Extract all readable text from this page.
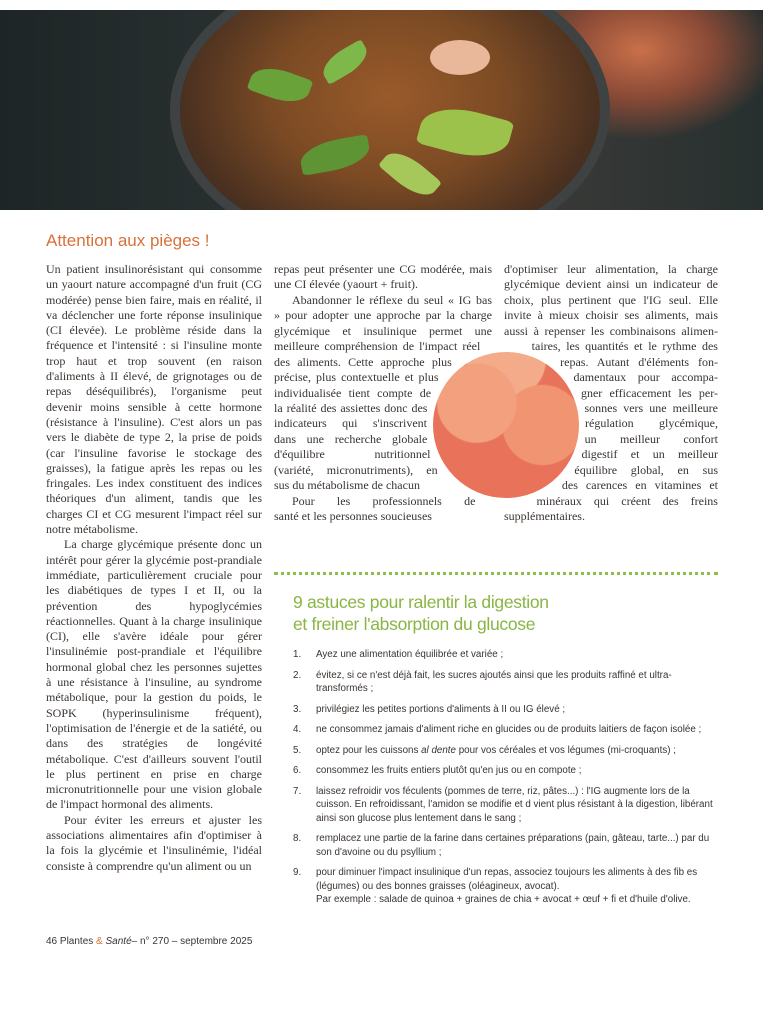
Attention aux pièges !

Un patient insulinorésistant qui consomme un yaourt nature accompagné d'un fruit (CG modérée) pense bien faire, mais en réalité, il va déclencher une forte réponse insulinique (CI élevée). Le problème réside dans la fréquence et l'intensité : si l'insuline monte trop haut et trop souvent (en raison d'aliments à II élevé, de grignotages ou de repas déséquilibrés), l'organisme peut devenir moins sensible à cette hormone (résistance à l'insuline). C'est alors un pas vers le diabète de type 2, la prise de poids (car l'insuline favorise le stockage des graisses), la fatigue après les repas ou les fringales. Les index constituent des indices théoriques d'un aliment, tandis que les charges CI et CG mesurent l'impact réel sur notre métabolisme.

La charge glycémique présente donc un intérêt pour gérer la glycémie post-prandiale immédiate, particulièrement cruciale pour les diabétiques de types I et II, ou la prévention des hypoglycémies réactionnelles. Quant à la charge insulinique (CI), elle s'avère idéale pour gérer l'insulinémie post-prandiale et l'équilibre hormonal global chez les personnes sujettes à une résistance à l'insuline, au syndrome métabolique, pour la gestion du poids, le SOPK (hyperinsulinisme fréquent), l'optimisation de l'énergie et de la satiété, ou dans des stratégies de longévité métabolique. C'est d'ailleurs souvent l'outil le plus pertinent en prise en charge micronutritionnelle pour une vision globale de l'impact hormonal des aliments.

Pour éviter les erreurs et ajuster les associations alimentaires afin d'optimiser à la fois la glycémie et l'insulinémie, l'idéal consiste à comprendre qu'un aliment ou un

repas peut présenter une CG modérée, mais
une CI élevée (yaourt + fruit).
Abandonner le réflexe du seul « IG bas
» pour adopter une approche par la charge
glycémique et insulinique permet une
meilleure compréhension de l'impact réel
des aliments. Cette approche plus
précise, plus contextuelle et plus
individualisée tient compte de
la réalité des assiettes donc des
indicateurs qui s'inscrivent
dans une recherche globale
d'équilibre nutritionnel
(variété, micronutriments), en
sus du métabolisme de chacun
Pour les professionnels de
santé et les personnes soucieuses
d'optimiser leur alimentation, la charge
glycémique devient ainsi un indicateur de
choix, plus pertinent que l'IG seul. Elle
invite à mieux choisir ses aliments, mais
aussi à repenser les combinaisons alimen-
taires, les quantités et le rythme des
repas. Autant d'éléments fon-
damentaux pour accompa-
gner efficacement les per-
sonnes vers une meilleure
régulation glycémique,
un meilleur confort
digestif et un meilleur
équilibre global, en sus
des carences en vitamines et
minéraux qui créent des freins
supplémentaires.
9 astuces pour ralentir la digestion
et freiner l'absorption du glucose
1.	Ayez une alimentation équilibrée et variée ;
2.	évitez, si ce n'est déjà fait, les sucres ajoutés ainsi que les produits raffiné et ultra-transformés ;
3.	privilégiez les petites portions d'aliments à II ou IG élevé ;
4.	ne consommez jamais d'aliment riche en glucides ou de produits laitiers de façon isolée ;
5.	optez pour les cuissons al dente pour vos céréales et vos légumes (mi-croquants) ;
6.	consommez les fruits entiers plutôt qu'en jus ou en compote ;
7.	laissez refroidir vos féculents (pommes de terre, riz, pâtes...) : l'IG augmente lors de la cuisson. En refroidissant, l'amidon se modifie et d vient plus résistant à la digestion, libérant ainsi son glucose plus lentement dans le sang ;
8.	remplacez une partie de la farine dans certaines préparations (pain, gâteau, tarte...) par du son d'avoine ou du psyllium ;
9.	pour diminuer l'impact insulinique d'un repas, associez toujours les aliments à des fib es (légumes) ou des bonnes graisses (oléagineux, avocat).
Par exemple : salade de quinoa + graines de chia + avocat + œuf + fi et d'huile d'olive.
46 Plantes & Santé– n° 270 – septembre 2025
